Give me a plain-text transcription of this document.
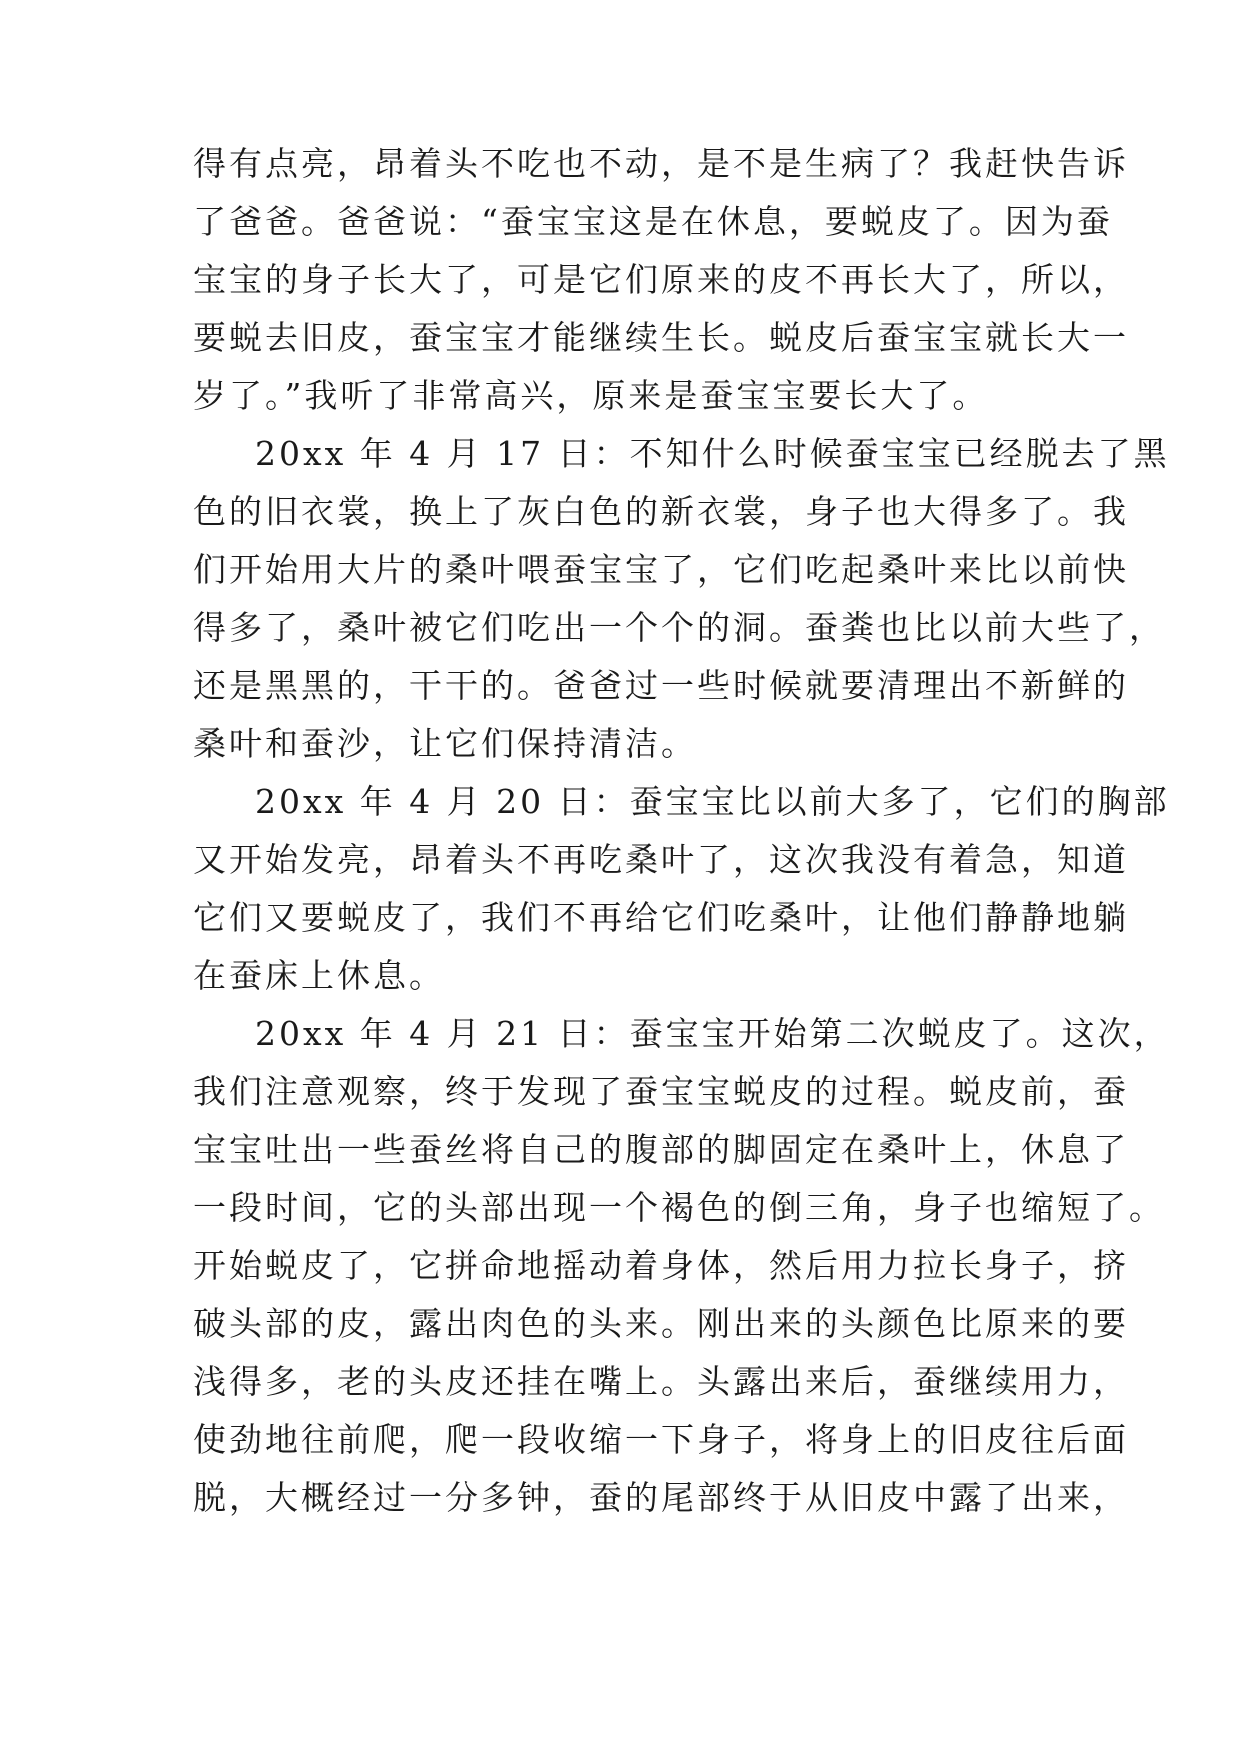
得有点亮，昂着头不吃也不动，是不是生病了？我赶快告诉
了爸爸。爸爸说：“蚕宝宝这是在休息，要蜕皮了。因为蚕
宝宝的身子长大了，可是它们原来的皮不再长大了，所以，
要蜕去旧皮，蚕宝宝才能继续生长。蜕皮后蚕宝宝就长大一
岁了。”我听了非常高兴，原来是蚕宝宝要长大了。
20xx 年 4 月 17 日：不知什么时候蚕宝宝已经脱去了黑
色的旧衣裳，换上了灰白色的新衣裳，身子也大得多了。我
们开始用大片的桑叶喂蚕宝宝了，它们吃起桑叶来比以前快
得多了，桑叶被它们吃出一个个的洞。蚕粪也比以前大些了，
还是黑黑的，干干的。爸爸过一些时候就要清理出不新鲜的
桑叶和蚕沙，让它们保持清洁。
20xx 年 4 月 20 日：蚕宝宝比以前大多了，它们的胸部
又开始发亮，昂着头不再吃桑叶了，这次我没有着急，知道
它们又要蜕皮了，我们不再给它们吃桑叶，让他们静静地躺
在蚕床上休息。
20xx 年 4 月 21 日：蚕宝宝开始第二次蜕皮了。这次，
我们注意观察，终于发现了蚕宝宝蜕皮的过程。蜕皮前，蚕
宝宝吐出一些蚕丝将自己的腹部的脚固定在桑叶上，休息了
一段时间，它的头部出现一个褐色的倒三角，身子也缩短了。
开始蜕皮了，它拼命地摇动着身体，然后用力拉长身子，挤
破头部的皮，露出肉色的头来。刚出来的头颜色比原来的要
浅得多，老的头皮还挂在嘴上。头露出来后，蚕继续用力，
使劲地往前爬，爬一段收缩一下身子，将身上的旧皮往后面
脱，大概经过一分多钟，蚕的尾部终于从旧皮中露了出来，
